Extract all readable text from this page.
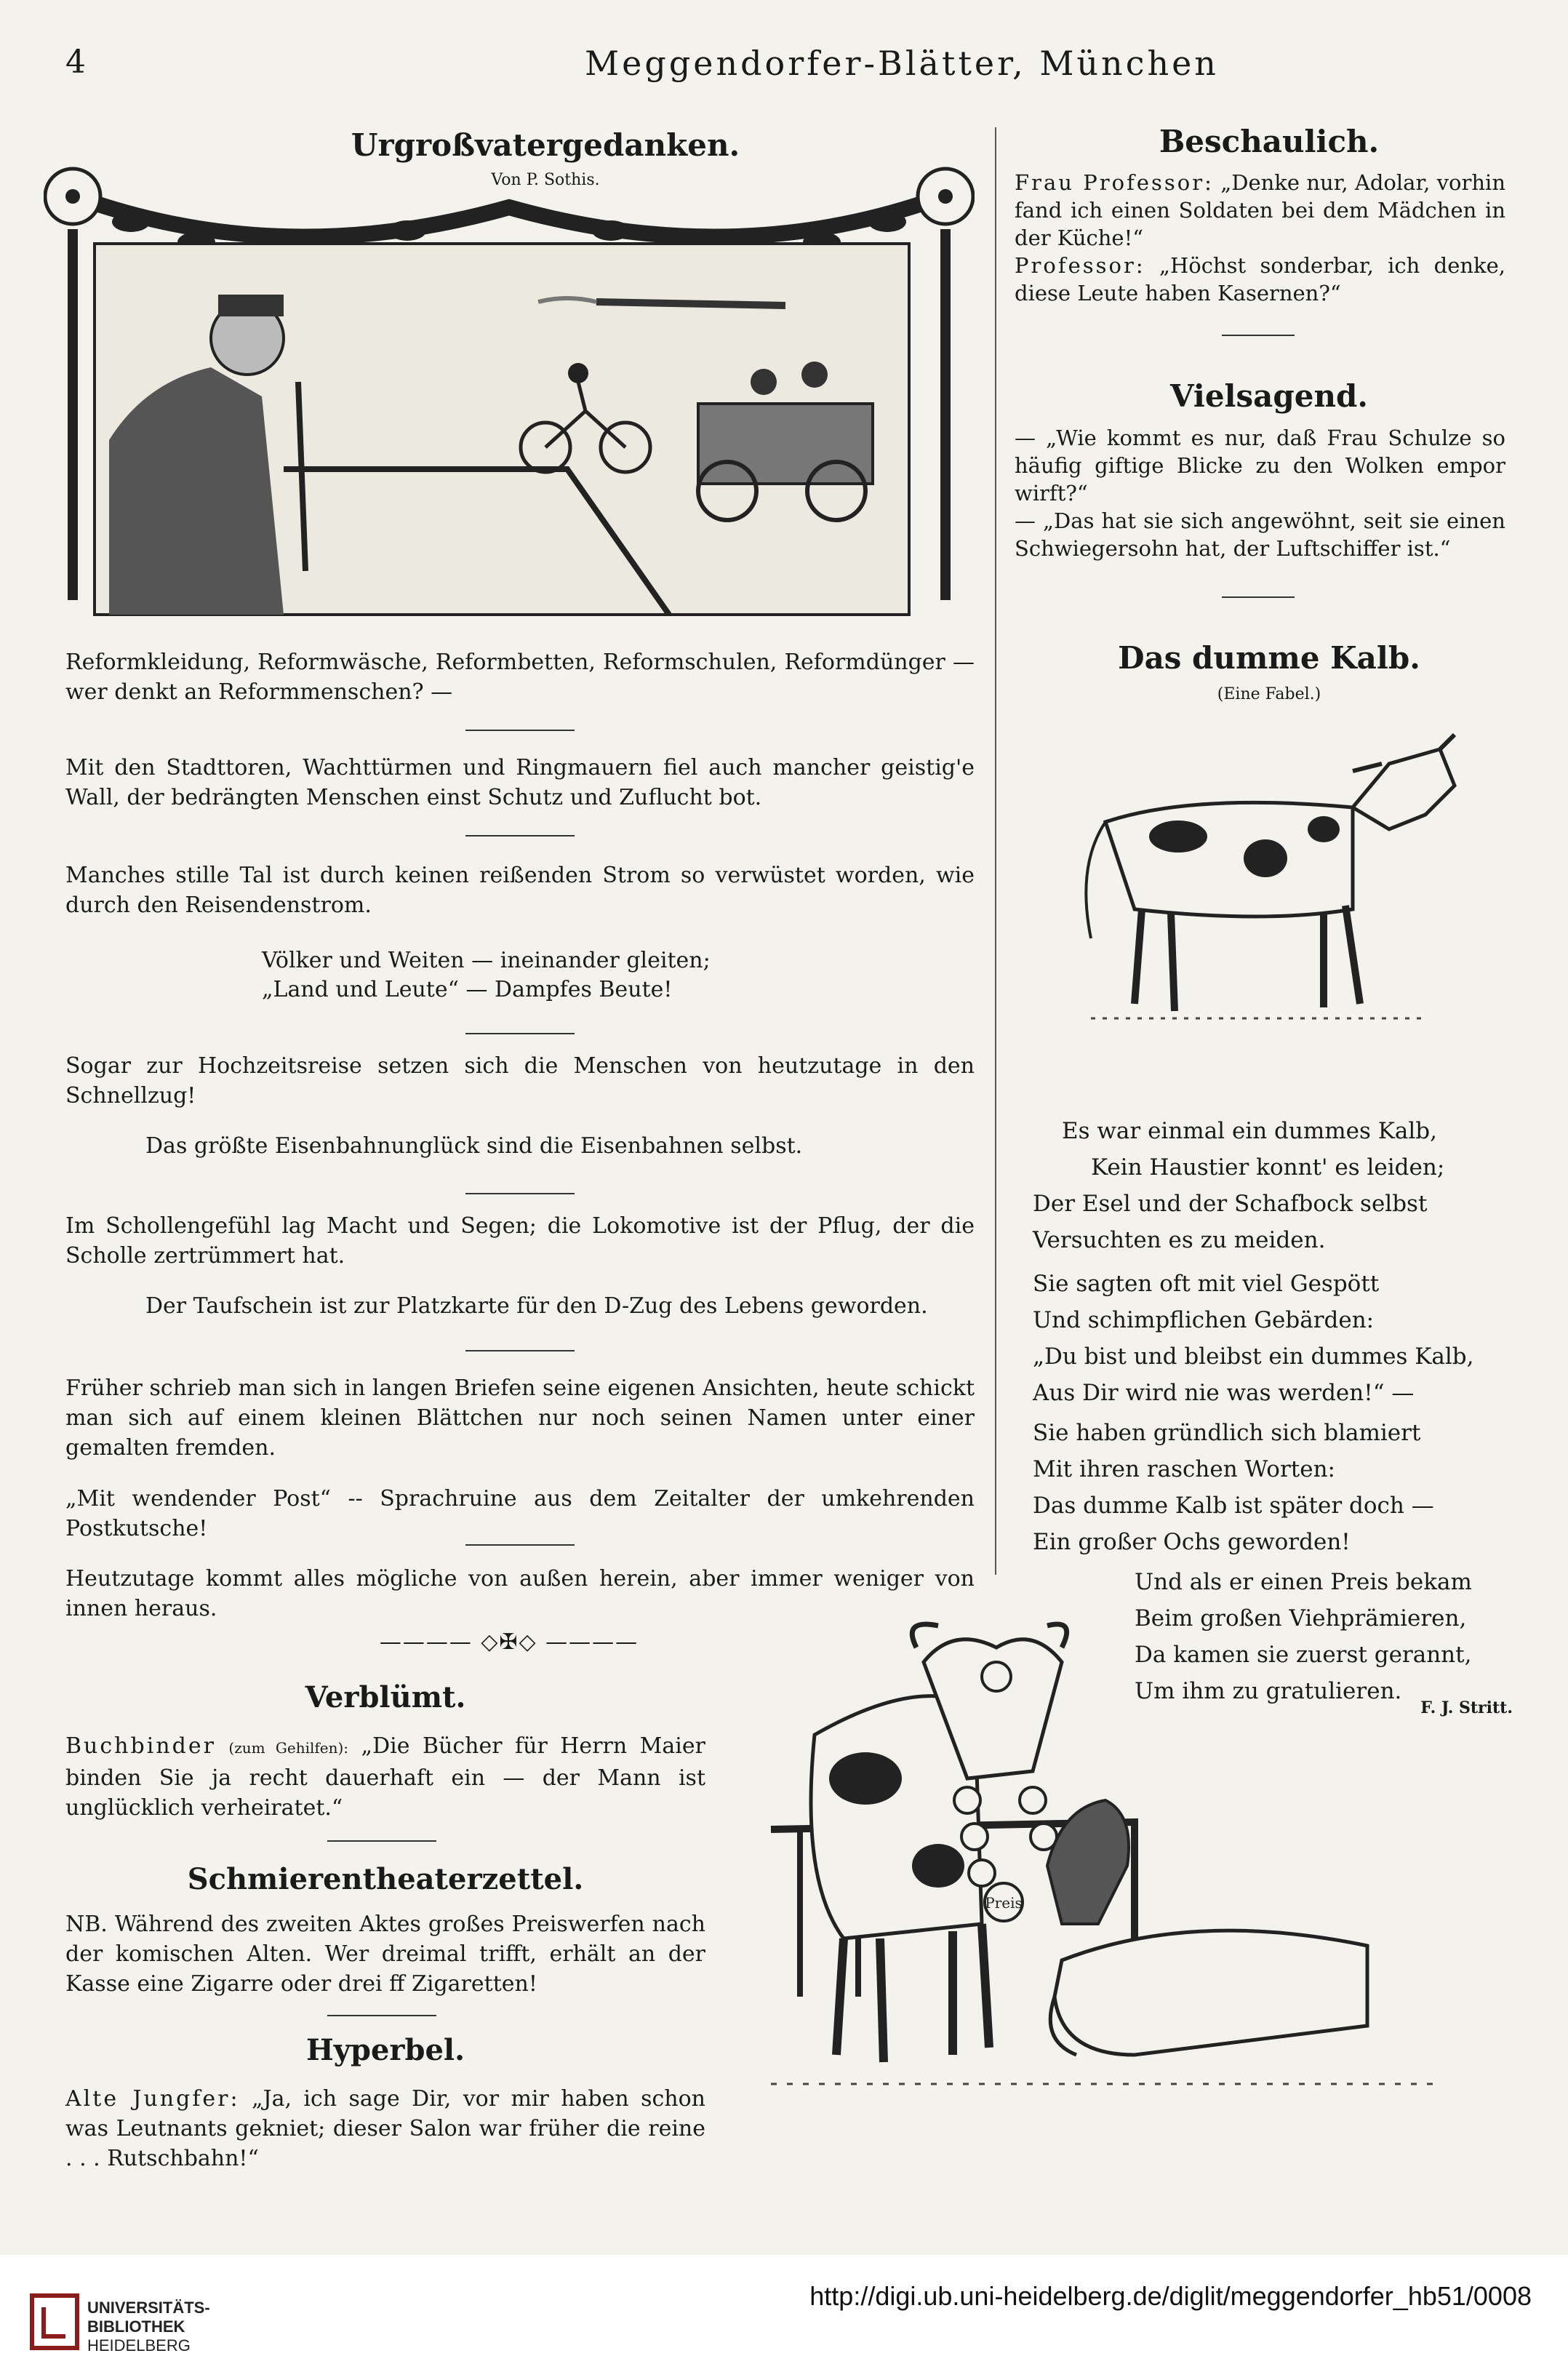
4	Meggendorfer-Blätter, München
Urgroßvatergedanken.
Von P. Sothis.
Reformkleidung, Reformwäsche, Reformbetten, Reformschulen, Reformdünger — wer denkt an Reformmenschen? —
Mit den Stadttoren, Wachttürmen und Ringmauern fiel auch mancher geistig'e Wall, der bedrängten Menschen einst Schutz und Zuflucht bot.
Manches stille Tal ist durch keinen reißenden Strom so verwüstet worden, wie durch den Reisendenstrom.
Völker und Weiten — ineinander gleiten;
„Land und Leute“ — Dampfes Beute!
Sogar zur Hochzeitsreise setzen sich die Menschen von heutzutage in den Schnellzug!
Das größte Eisenbahnunglück sind die Eisenbahnen selbst.
Im Schollengefühl lag Macht und Segen; die Lokomotive ist der Pflug, der die Scholle zertrümmert hat.
Der Taufschein ist zur Platzkarte für den D-Zug des Lebens geworden.
Früher schrieb man sich in langen Briefen seine eigenen Ansichten, heute schickt man sich auf einem kleinen Blättchen nur noch seinen Namen unter einer gemalten fremden.
„Mit wendender Post“ -- Sprachruine aus dem Zeitalter der umkehrenden Postkutsche!
Heutzutage kommt alles mögliche von außen herein, aber immer weniger von innen heraus.
———— ◇✠◇ ————
Verblümt.
Buchbinder (zum Gehilfen): „Die Bücher für Herrn Maier binden Sie ja recht dauerhaft ein — der Mann ist unglücklich verheiratet.“
Schmierentheaterzettel.
NB. Während des zweiten Aktes großes Preiswerfen nach der komischen Alten. Wer dreimal trifft, erhält an der Kasse eine Zigarre oder drei ff Zigaretten!
Hyperbel.
Alte Jungfer: „Ja, ich sage Dir, vor mir haben schon was Leutnants gekniet; dieser Salon war früher die reine . . . Rutschbahn!“
Beschaulich.
Frau Professor: „Denke nur, Adolar, vorhin fand ich einen Soldaten bei dem Mädchen in der Küche!“
Professor: „Höchst sonderbar, ich denke, diese Leute haben Kasernen?“
Vielsagend.
— „Wie kommt es nur, daß Frau Schulze so häufig giftige Blicke zu den Wolken empor wirft?“
— „Das hat sie sich angewöhnt, seit sie einen Schwiegersohn hat, der Luftschiffer ist.“
Das dumme Kalb.
(Eine Fabel.)
Es war einmal ein dummes Kalb,
Kein Haustier konnt' es leiden;
Der Esel und der Schafbock selbst
Versuchten es zu meiden.
Sie sagten oft mit viel Gespött
Und schimpflichen Gebärden:
„Du bist und bleibst ein dummes Kalb,
Aus Dir wird nie was werden!“ —
Sie haben gründlich sich blamiert
Mit ihren raschen Worten:
Das dumme Kalb ist später doch —
Ein großer Ochs geworden!
Und als er einen Preis bekam
Beim großen Viehprämieren,
Da kamen sie zuerst gerannt,
Um ihm zu gratulieren.
F. J. Stritt.
Preis
UNIVERSITÄTS-
BIBLIOTHEK
HEIDELBERG
http://digi.ub.uni-heidelberg.de/diglit/meggendorfer_hb51/0008
